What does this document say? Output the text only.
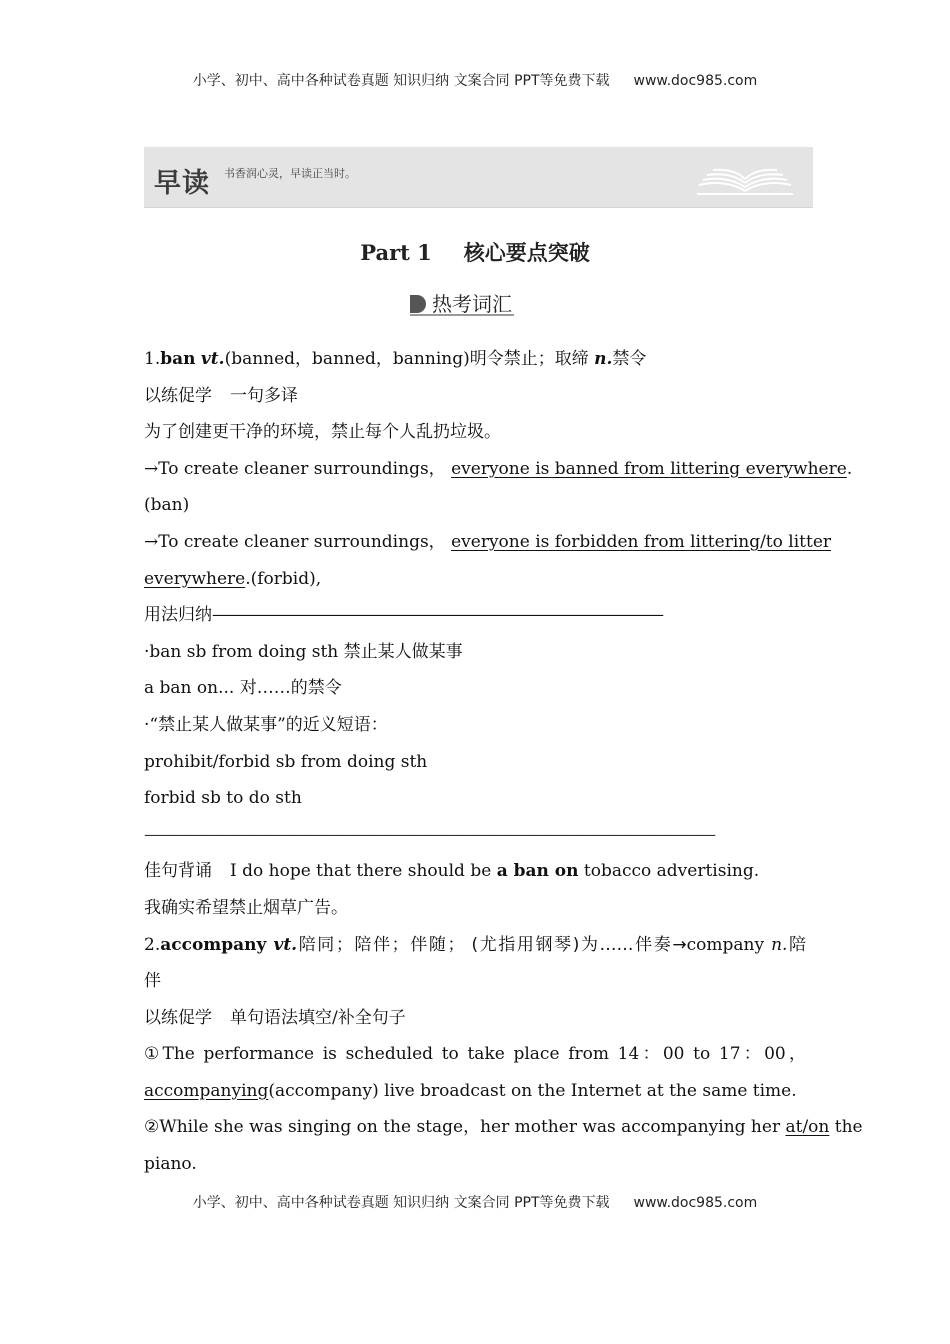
小学、初中、高中各种试卷真题 知识归纳 文案合同 PPT等免费下载 www.doc985.com
早读 书香润心灵，早读正当时。
Part 1 核心要点突破
热考词汇
1.ban vt.(banned，banned，banning)明令禁止；取缔 n.禁令
以练促学 一句多译
为了创建更干净的环境，禁止每个人乱扔垃圾。
→To create cleaner surroundings， everyone is banned from littering everywhere.
(ban)
→To create cleaner surroundings， everyone is forbidden from littering/to litter
everywhere.(forbid),
用法归纳——————————————————————————————
·ban sb from doing sth 禁止某人做某事
a ban on... 对……的禁令
·“禁止某人做某事”的近义短语：
prohibit/forbid sb from doing sth
forbid sb to do sth
——————————————————————————————————————
佳句背诵 I do hope that there should be a ban on tobacco advertising.
我确实希望禁止烟草广告。
2.accompany vt.陪同；陪伴；伴随； (尤指用钢琴)为……伴奏→company n.陪
伴
以练促学 单句语法填空/补全句子
①The performance is scheduled to take place from 14：00 to 17：00，
accompanying(accompany) live broadcast on the Internet at the same time.
②While she was singing on the stage，her mother was accompanying her at/on the
piano.
小学、初中、高中各种试卷真题 知识归纳 文案合同 PPT等免费下载 www.doc985.com
